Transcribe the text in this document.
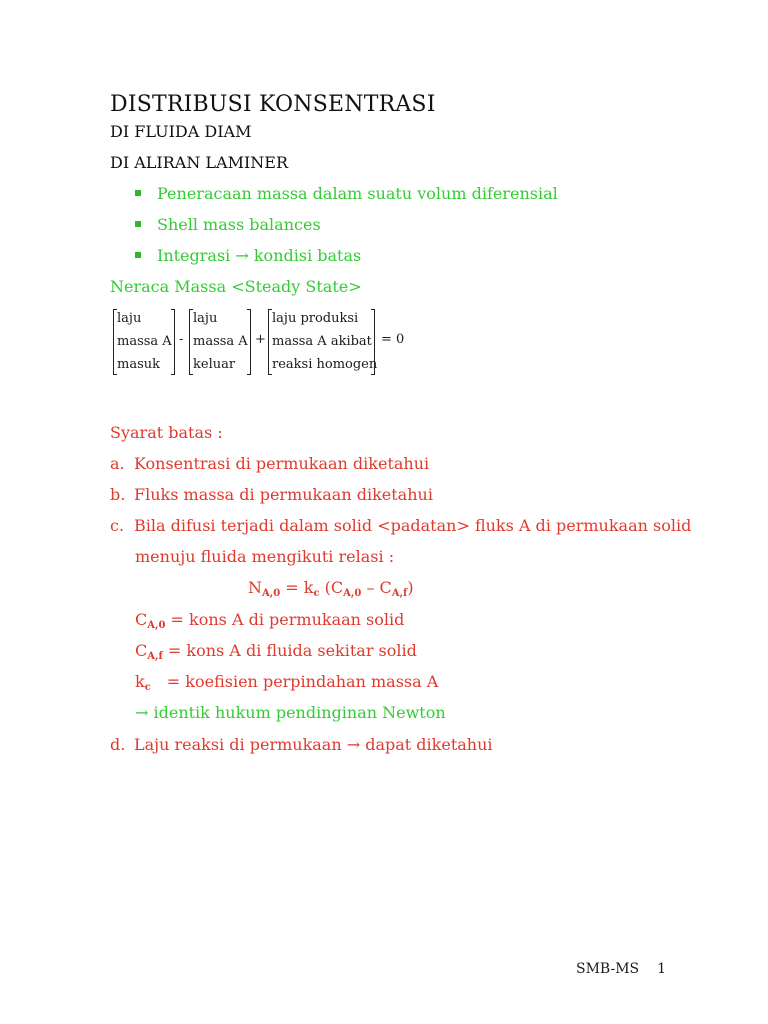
DISTRIBUSI KONSENTRASI
DI FLUIDA DIAM
DI ALIRAN LAMINER
Peneracaan massa dalam suatu volum diferensial
Shell mass balances
Integrasi → kondisi batas
Neraca Massa <Steady State>
laju
massa A
masuk
-
laju
massa A
keluar
+
laju produksi
massa A akibat
reaksi homogen
= 0
Syarat batas :
a. Konsentrasi di permukaan diketahui
b. Fluks massa di permukaan diketahui
c. Bila difusi terjadi dalam solid <padatan> fluks A di permukaan solid
menuju fluida mengikuti relasi :
$N_{A,0} = k_c$ $(C_{A,0} - C_{A,f})$
$C_{A,0}$ = kons A di permukaan solid
$C_{A,f}$ = kons A di fluida sekitar solid
$k_c$ = koefisien perpindahan massa A
→ identik hukum pendinginan Newton
d. Laju reaksi di permukaan → dapat diketahui
SMB-MS 1
